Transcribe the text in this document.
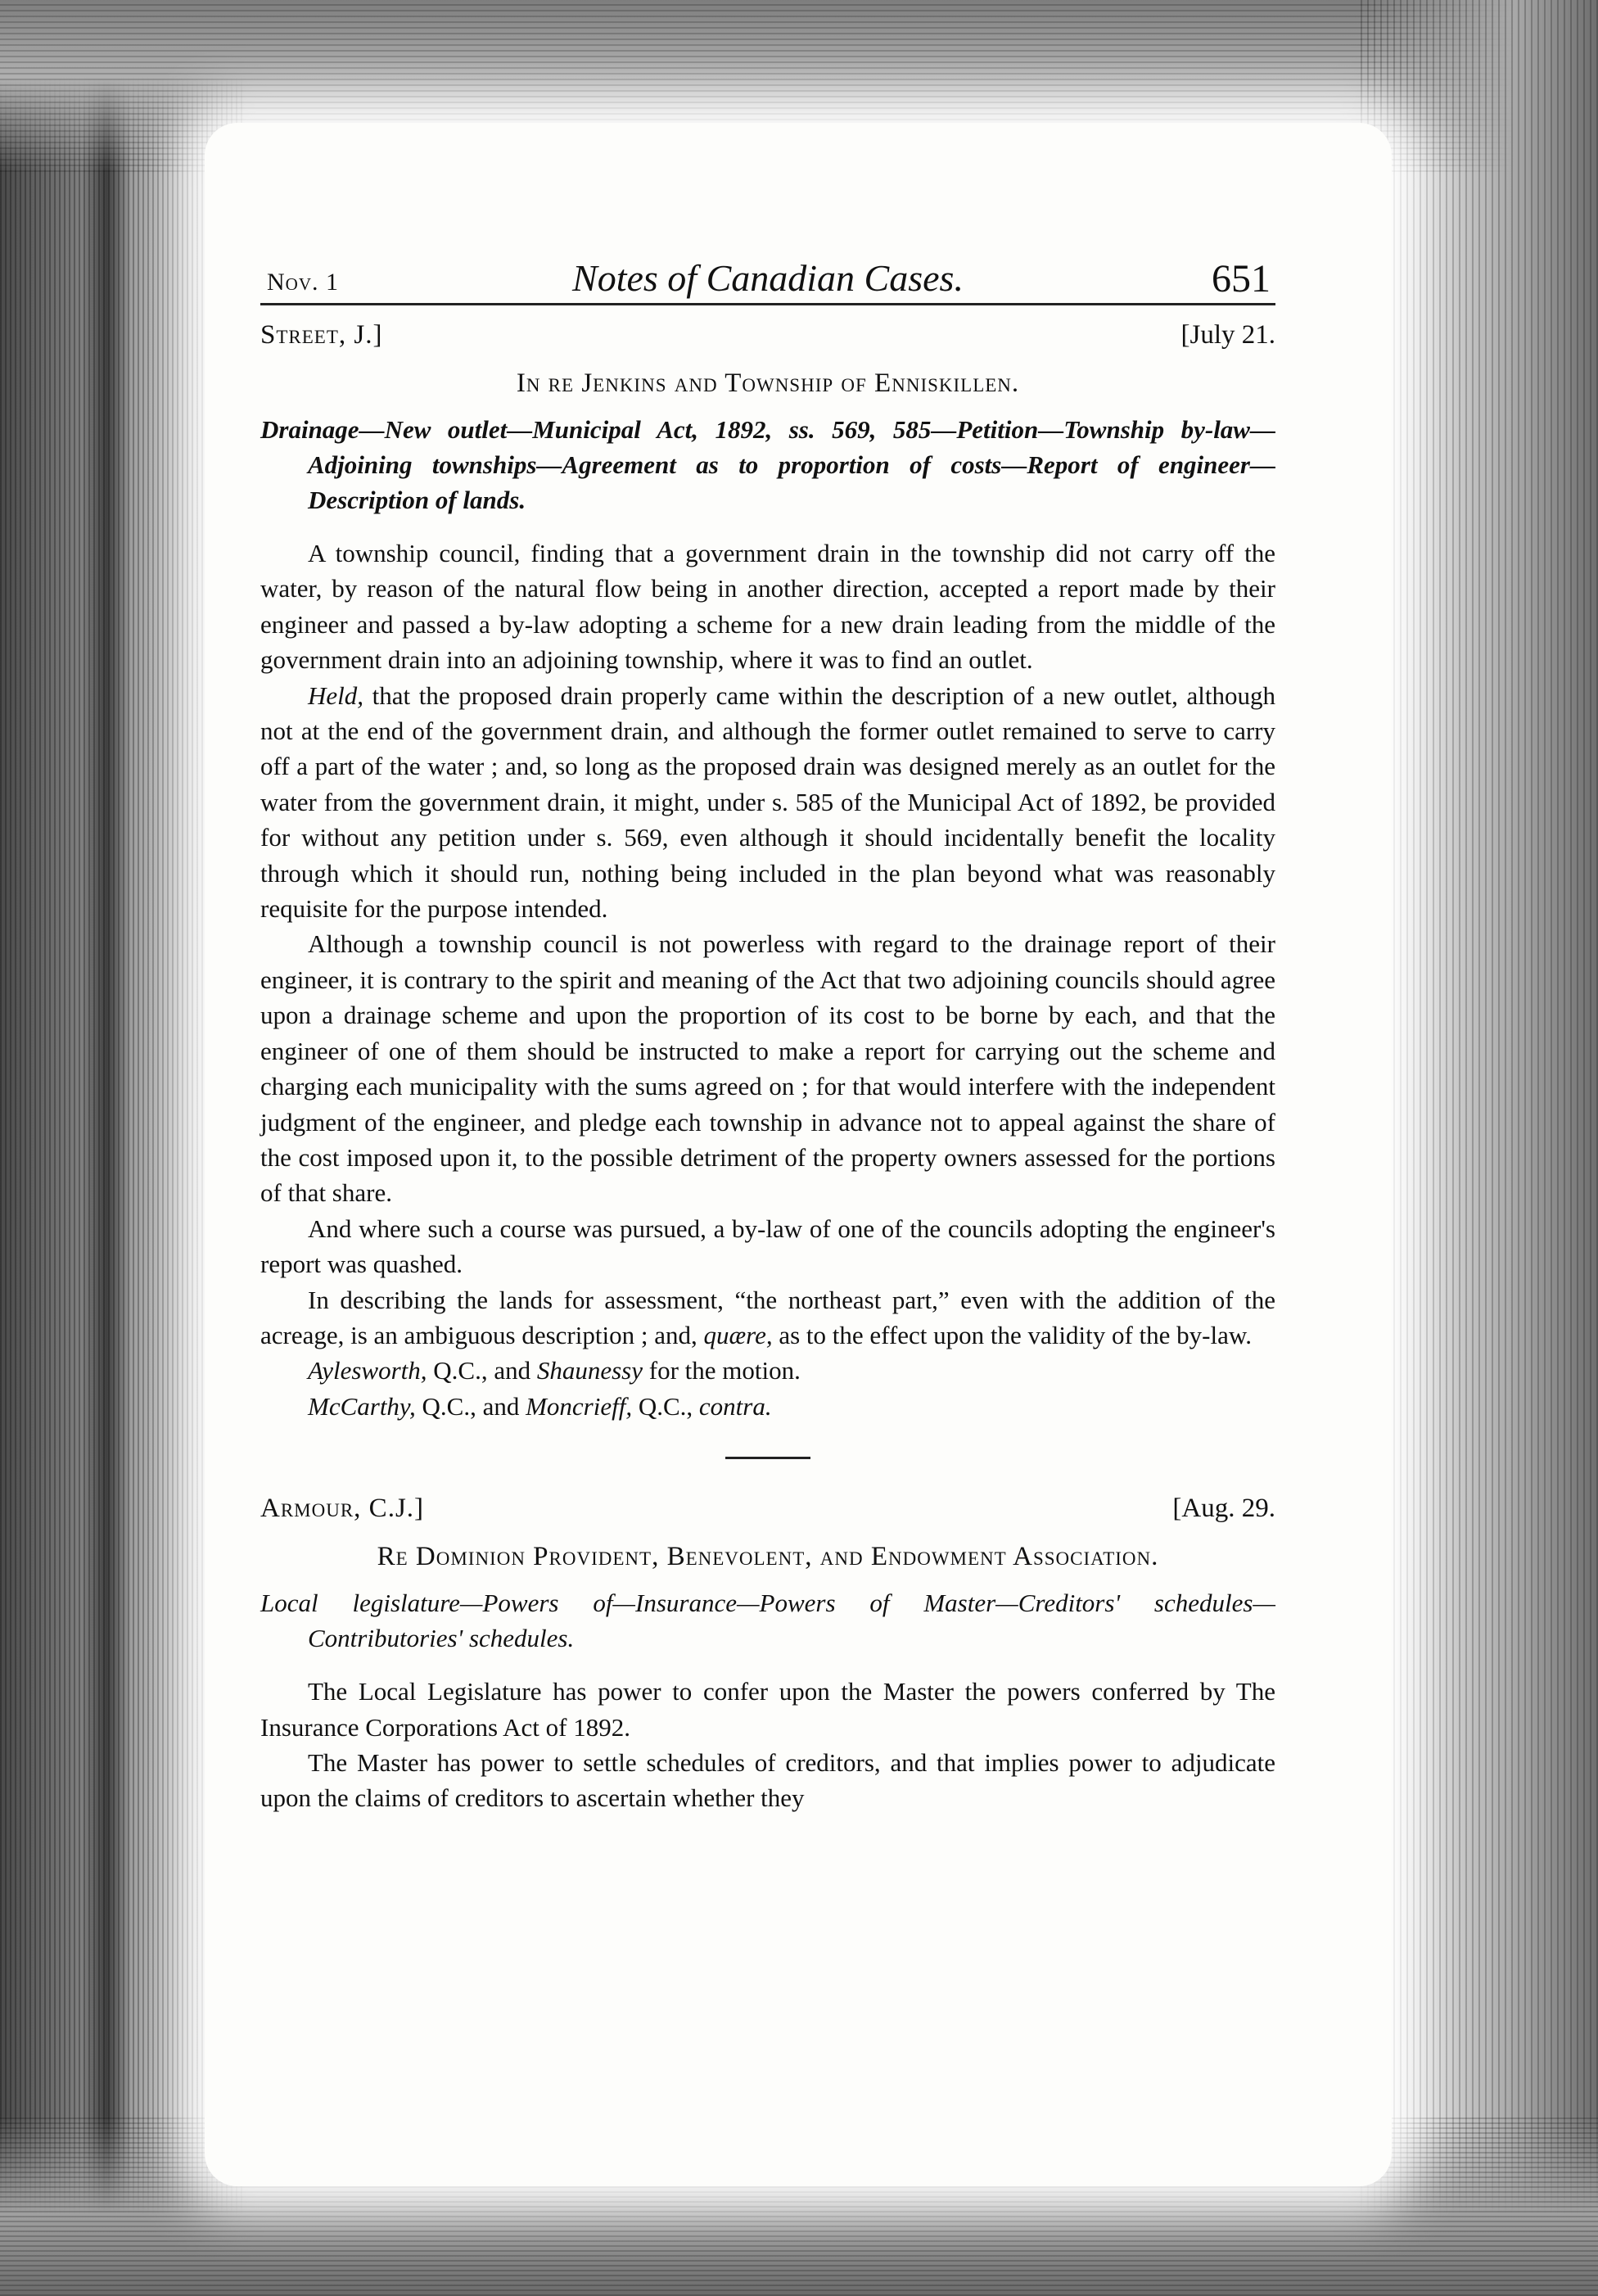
Nov. 1	Notes of Canadian Cases.	651
Street, J.]	[July 21.
In re Jenkins and Township of Enniskillen.
Drainage—New outlet—Municipal Act, 1892, ss. 569, 585—Petition—Township by-law—Adjoining townships—Agreement as to proportion of costs—Report of engineer—Description of lands.

A township council, finding that a government drain in the township did not carry off the water, by reason of the natural flow being in another direction, accepted a report made by their engineer and passed a by-law adopting a scheme for a new drain leading from the middle of the government drain into an adjoining township, where it was to find an outlet.

Held, that the proposed drain properly came within the description of a new outlet, although not at the end of the government drain, and although the former outlet remained to serve to carry off a part of the water ; and, so long as the proposed drain was designed merely as an outlet for the water from the government drain, it might, under s. 585 of the Municipal Act of 1892, be provided for without any petition under s. 569, even although it should incidentally benefit the locality through which it should run, nothing being included in the plan beyond what was reasonably requisite for the purpose intended.

Although a township council is not powerless with regard to the drainage report of their engineer, it is contrary to the spirit and meaning of the Act that two adjoining councils should agree upon a drainage scheme and upon the proportion of its cost to be borne by each, and that the engineer of one of them should be instructed to make a report for carrying out the scheme and charging each municipality with the sums agreed on ; for that would interfere with the independent judgment of the engineer, and pledge each township in advance not to appeal against the share of the cost imposed upon it, to the possible detriment of the property owners assessed for the portions of that share.

And where such a course was pursued, a by-law of one of the councils adopting the engineer's report was quashed.

In describing the lands for assessment, “the northeast part,” even with the addition of the acreage, is an ambiguous description ; and, quære, as to the effect upon the validity of the by-law.

Aylesworth, Q.C., and Shaunessy for the motion.

McCarthy, Q.C., and Moncrieff, Q.C., contra.

Armour, C.J.]	[Aug. 29.
Re Dominion Provident, Benevolent, and Endowment Association.
Local legislature—Powers of—Insurance—Powers of Master—Creditors' schedules—Contributories' schedules.

The Local Legislature has power to confer upon the Master the powers conferred by The Insurance Corporations Act of 1892.

The Master has power to settle schedules of creditors, and that implies power to adjudicate upon the claims of creditors to ascertain whether they
